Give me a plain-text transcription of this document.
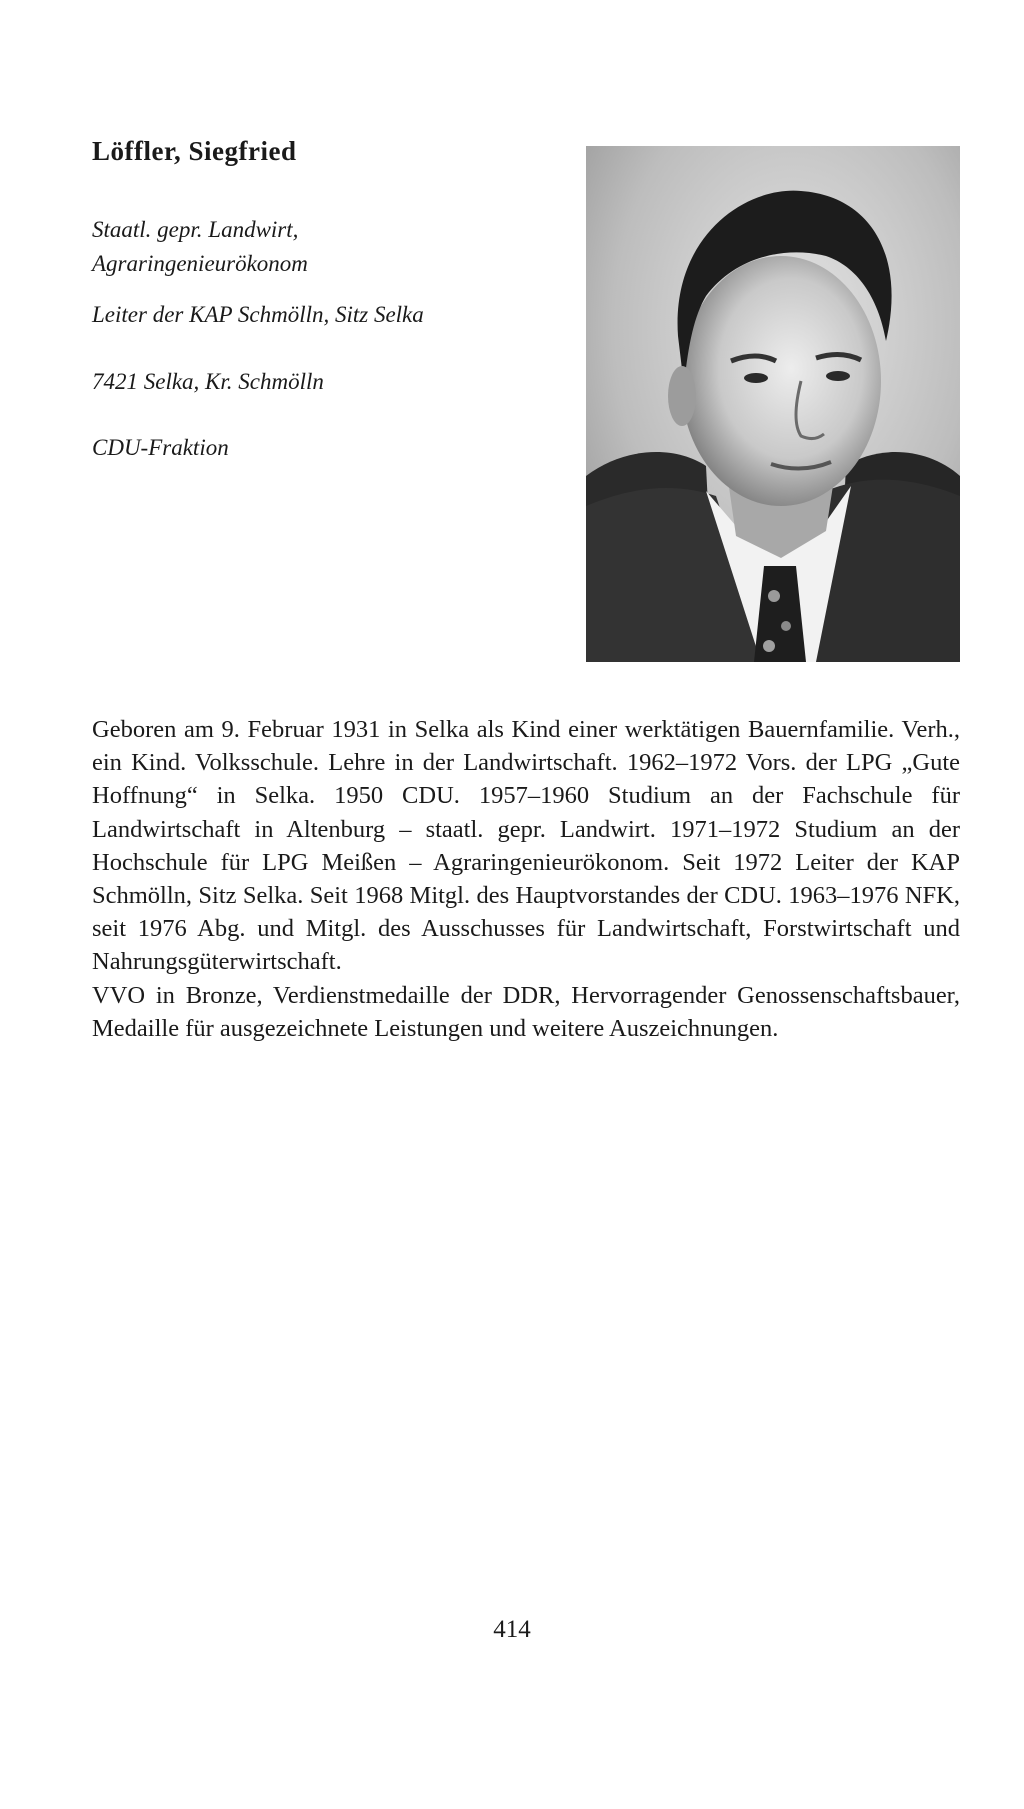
Löffler, Siegfried
Staatl. gepr. Landwirt,
Agraringenieurökonom

Leiter der KAP Schmölln, Sitz Selka

7421 Selka, Kr. Schmölln

CDU-Fraktion

Geboren am 9. Februar 1931 in Selka als Kind einer werktätigen Bauernfamilie. Verh., ein Kind. Volksschule. Lehre in der Landwirtschaft. 1962–1972 Vors. der LPG „Gute Hoffnung“ in Selka. 1950 CDU. 1957–1960 Studium an der Fachschule für Landwirtschaft in Altenburg – staatl. gepr. Landwirt. 1971–1972 Studium an der Hochschule für LPG Meißen – Agraringenieurökonom. Seit 1972 Leiter der KAP Schmölln, Sitz Selka. Seit 1968 Mitgl. des Hauptvorstandes der CDU. 1963–1976 NFK, seit 1976 Abg. und Mitgl. des Ausschusses für Landwirtschaft, Forstwirtschaft und Nahrungsgüterwirtschaft.

VVO in Bronze, Verdienstmedaille der DDR, Hervorragender Genossenschaftsbauer, Medaille für ausgezeichnete Leistungen und weitere Auszeichnungen.

414
